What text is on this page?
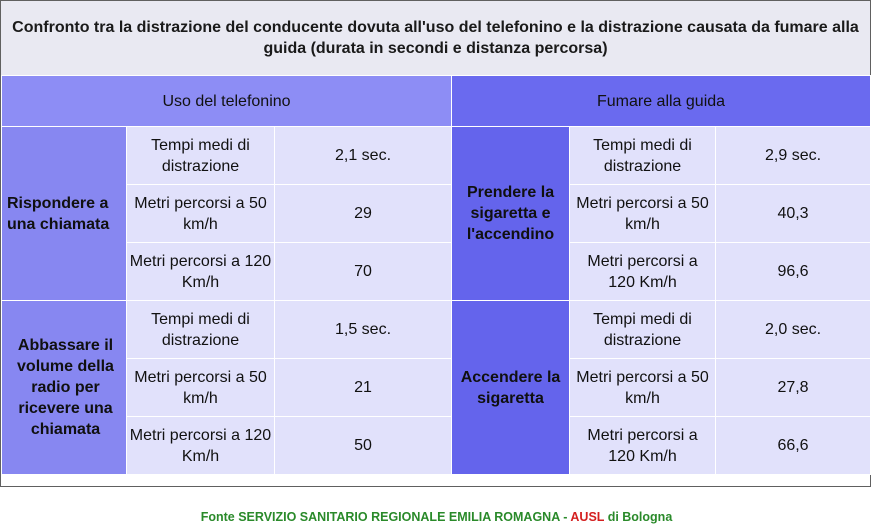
Confronto tra la distrazione del conducente dovuta all'uso del telefonino e la distrazione causata da fumare alla guida (durata in secondi e distanza percorsa)
Uso del telefonino			Fumare alla guida		
Rispondere a una chiamata	Tempi medi di distrazione	2,1 sec.	Prendere la sigaretta e l'accendino	Tempi medi di distrazione	2,9 sec.
	Metri percorsi a 50 km/h	29		Metri percorsi a 50 km/h	40,3
	Metri percorsi a 120 Km/h	70		Metri percorsi a 120 Km/h	96,6
Abbassare il volume della radio per ricevere una chiamata	Tempi medi di distrazione	1,5 sec.	Accendere la sigaretta	Tempi medi di distrazione	2,0 sec.
	Metri percorsi a 50 km/h	21		Metri percorsi a 50 km/h	27,8
	Metri percorsi a 120 Km/h	50		Metri percorsi a 120 Km/h	66,6
Fonte SERVIZIO SANITARIO REGIONALE EMILIA ROMAGNA - AUSL di Bologna
